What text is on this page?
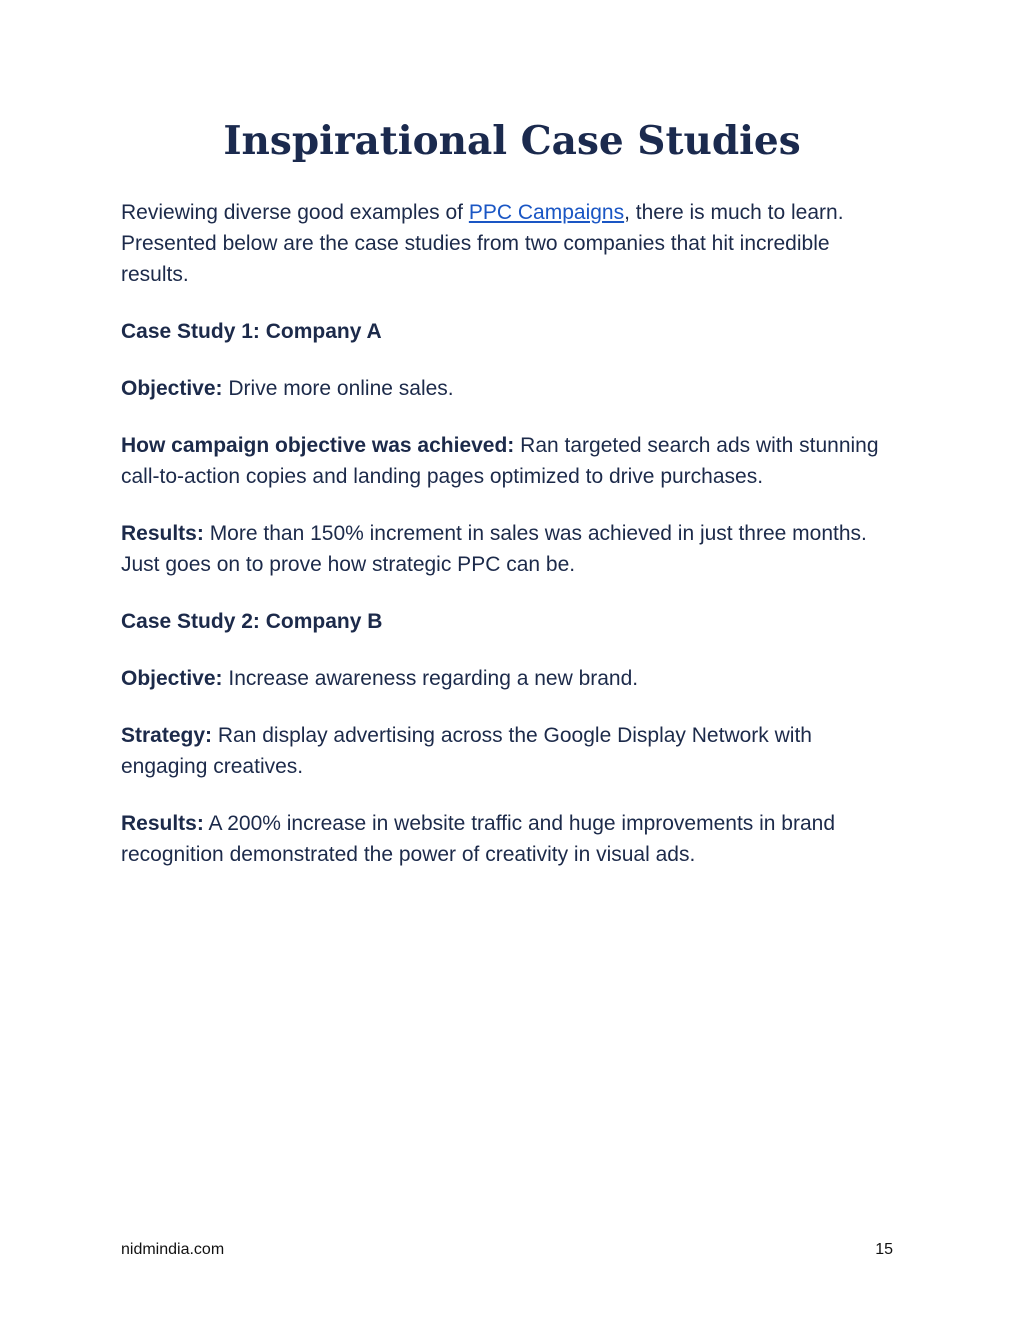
Inspirational Case Studies

Reviewing diverse good examples of PPC Campaigns, there is much to learn. Presented below are the case studies from two companies that hit incredible results.

Case Study 1: Company A

Objective: Drive more online sales.

How campaign objective was achieved: Ran targeted search ads with stunning call-to-action copies and landing pages optimized to drive purchases.

Results: More than 150% increment in sales was achieved in just three months. Just goes on to prove how strategic PPC can be.

Case Study 2: Company B

Objective: Increase awareness regarding a new brand.

Strategy: Ran display advertising across the Google Display Network with engaging creatives.

Results: A 200% increase in website traffic and huge improvements in brand recognition demonstrated the power of creativity in visual ads.

nidmindia.com	15
